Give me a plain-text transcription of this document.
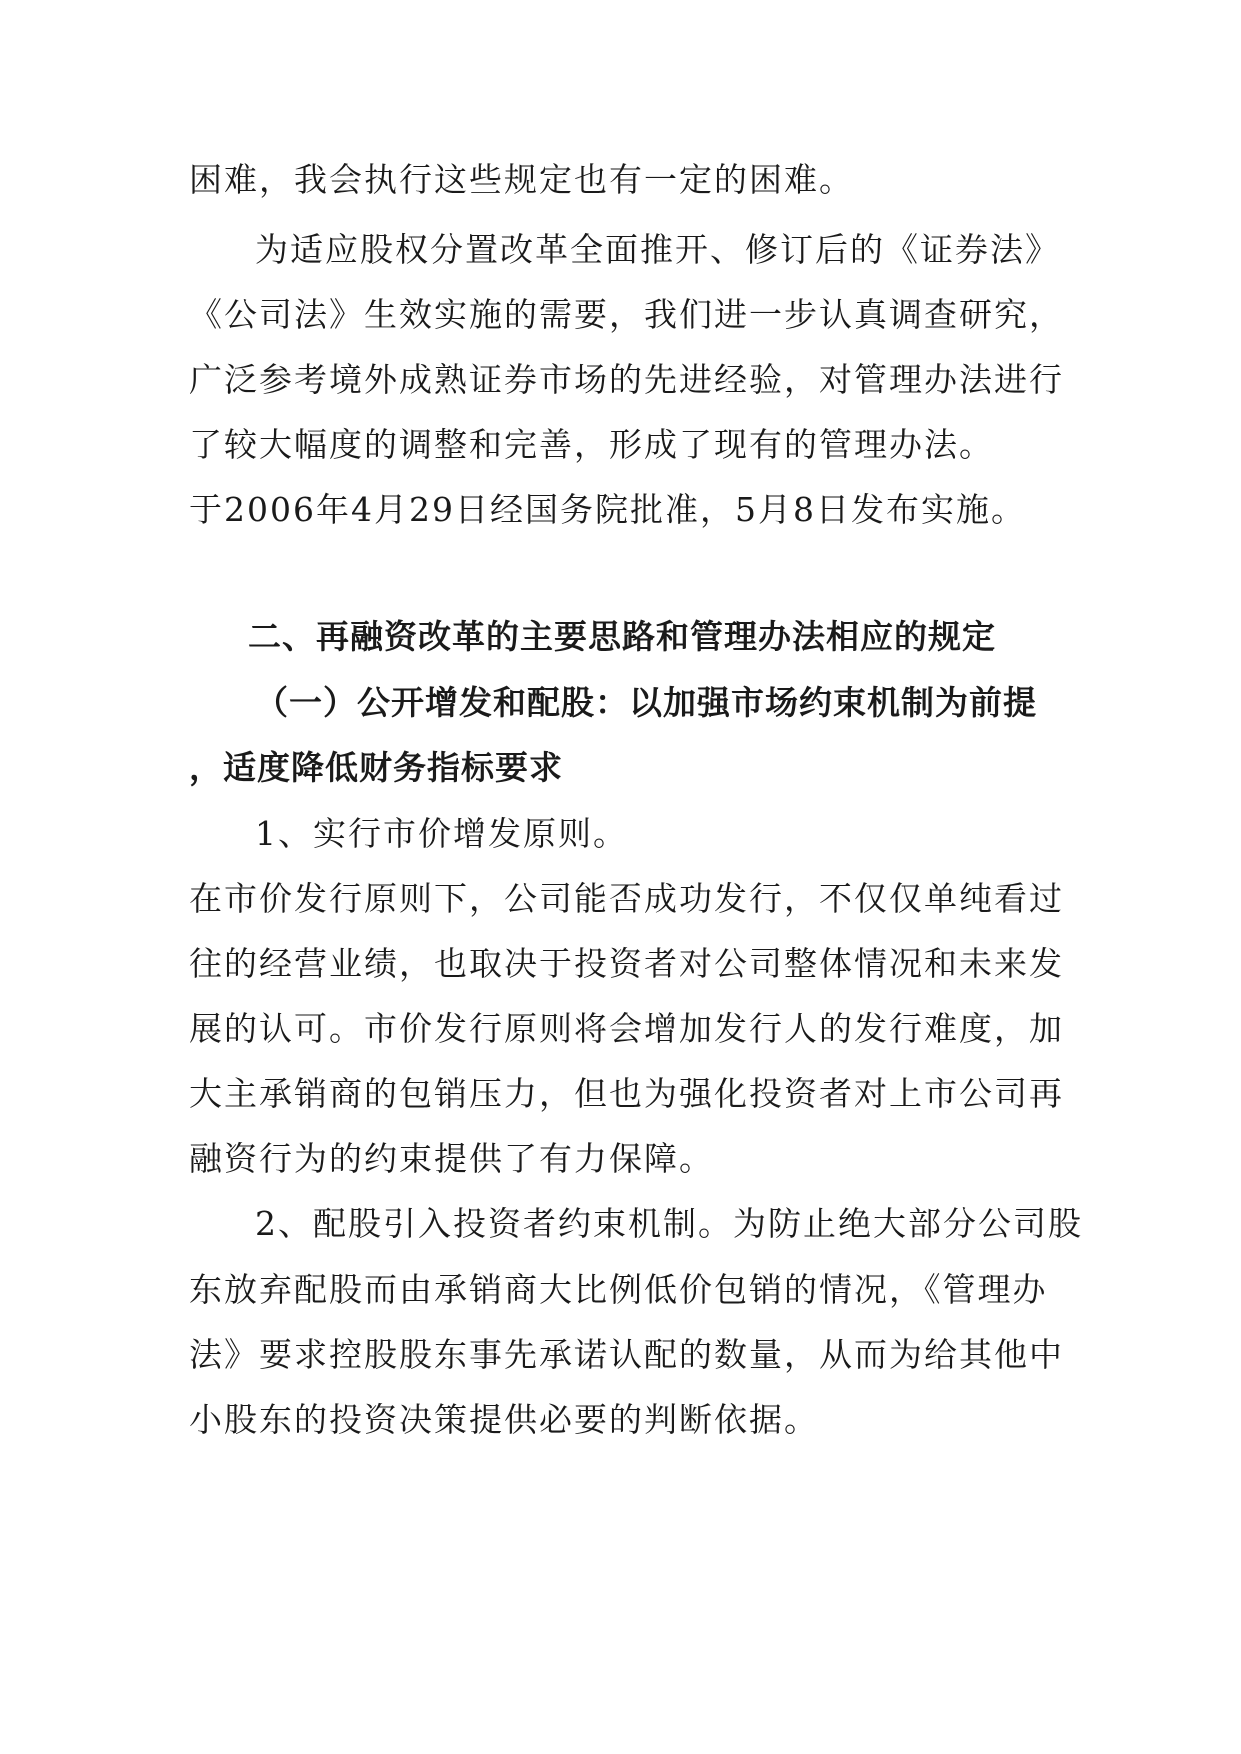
困难，我会执行这些规定也有一定的困难。
为适应股权分置改革全面推开、修订后的《证券法》
《公司法》生效实施的需要，我们进一步认真调查研究，
广泛参考境外成熟证券市场的先进经验，对管理办法进行
了较大幅度的调整和完善，形成了现有的管理办法。
于2006年4月29日经国务院批准，5月8日发布实施。
二、再融资改革的主要思路和管理办法相应的规定
（一）公开增发和配股：以加强市场约束机制为前提
，适度降低财务指标要求
1、实行市价增发原则。
在市价发行原则下，公司能否成功发行，不仅仅单纯看过
往的经营业绩，也取决于投资者对公司整体情况和未来发
展的认可。市价发行原则将会增加发行人的发行难度，加
大主承销商的包销压力，但也为强化投资者对上市公司再
融资行为的约束提供了有力保障。
2、配股引入投资者约束机制。为防止绝大部分公司股
东放弃配股而由承销商大比例低价包销的情况，《管理办
法》要求控股股东事先承诺认配的数量，从而为给其他中
小股东的投资决策提供必要的判断依据。
